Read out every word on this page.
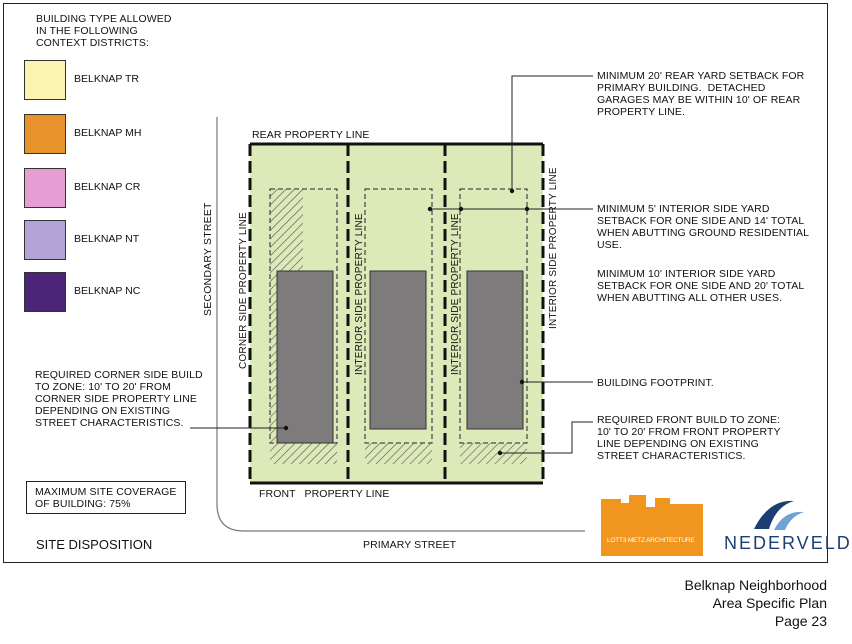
BUILDING TYPE ALLOWED
IN THE FOLLOWING
CONTEXT DISTRICTS:
BELKNAP TR
BELKNAP MH
BELKNAP CR
BELKNAP NT
BELKNAP NC
REAR PROPERTY LINE
FRONT   PROPERTY LINE
PRIMARY STREET
SECONDARY STREET CORNER SIDE PROPERTY LINE	INTERIOR SIDE PROPERTY LINE	INTERIOR SIDE PROPERTY LINE	INTERIOR SIDE PROPERTY LINE
MINIMUM 20' REAR YARD SETBACK FOR
PRIMARY BUILDING.  DETACHED
GARAGES MAY BE WITHIN 10' OF REAR
PROPERTY LINE.
MINIMUM 5' INTERIOR SIDE YARD
SETBACK FOR ONE SIDE AND 14' TOTAL
WHEN ABUTTING GROUND RESIDENTIAL
USE.
MINIMUM 10' INTERIOR SIDE YARD
SETBACK FOR ONE SIDE AND 20' TOTAL
WHEN ABUTTING ALL OTHER USES.
BUILDING FOOTPRINT.
REQUIRED FRONT BUILD TO ZONE:
10' TO 20' FROM FRONT PROPERTY
LINE DEPENDING ON EXISTING
STREET CHARACTERISTICS.
REQUIRED CORNER SIDE BUILD
TO ZONE: 10' TO 20' FROM
CORNER SIDE PROPERTY LINE
DEPENDING ON EXISTING
STREET CHARACTERISTICS.
MAXIMUM SITE COVERAGE
OF BUILDING: 75%
SITE DISPOSITION	LOTT3 METZ ARCHITECTURE NEDERVELD
Belknap Neighborhood
Area Specific Plan
Page 23
